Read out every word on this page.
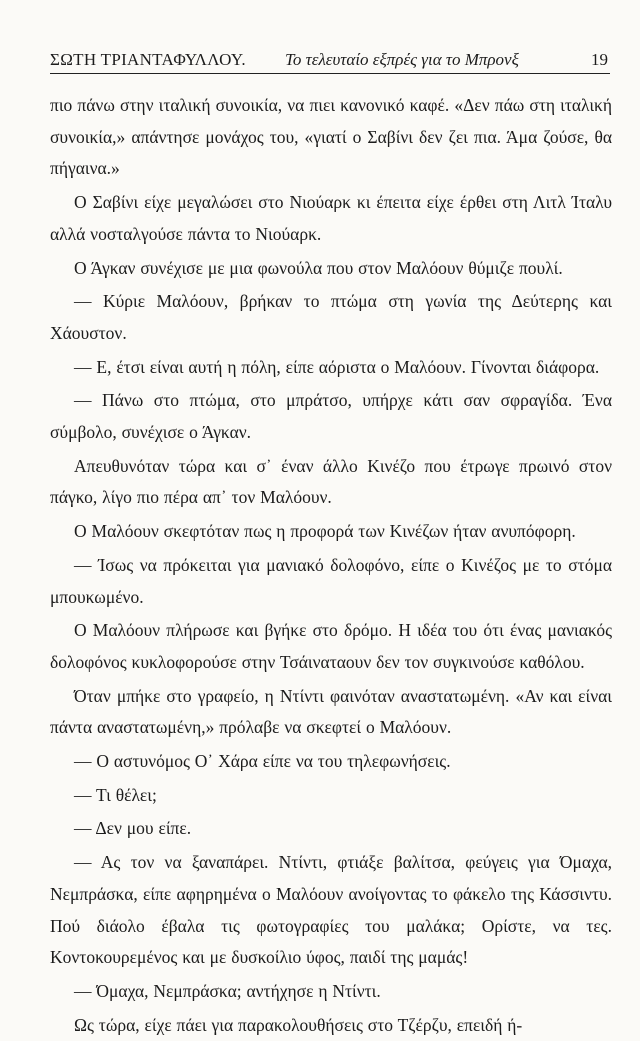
ΣΩΤΗ ΤΡΙΑΝΤΑΦΥΛΛΟΥ. Το τελευταίο εξπρές για το Μπρονξ	19

πιο πάνω στην ιταλική συνοικία, να πιει κανονικό καφέ. «Δεν πάω στη ιταλική συνοικία,» απάντησε μονάχος του, «γιατί ο Σαβίνι δεν ζει πια. Άμα ζούσε, θα πήγαινα.»

Ο Σαβίνι είχε μεγαλώσει στο Νιούαρκ κι έπειτα είχε έρθει στη Λιτλ Ίταλυ αλλά νοσταλγούσε πάντα το Νιούαρκ.

Ο Άγκαν συνέχισε με μια φωνούλα που στον Μαλόουν θύμιζε πουλί.

— Κύριε Μαλόουν, βρήκαν το πτώμα στη γωνία της Δεύτερης και Χάουστον.

— Ε, έτσι είναι αυτή η πόλη, είπε αόριστα ο Μαλόουν. Γίνονται διάφορα.

— Πάνω στο πτώμα, στο μπράτσο, υπήρχε κάτι σαν σφραγίδα. Ένα σύμβολο, συνέχισε ο Άγκαν.

Απευθυνόταν τώρα και σ᾽ έναν άλλο Κινέζο που έτρωγε πρωινό στον πάγκο, λίγο πιο πέρα απ᾽ τον Μαλόουν.

Ο Μαλόουν σκεφτόταν πως η προφορά των Κινέζων ήταν ανυπόφορη.

— Ίσως να πρόκειται για μανιακό δολοφόνο, είπε ο Κινέζος με το στόμα μπουκωμένο.

Ο Μαλόουν πλήρωσε και βγήκε στο δρόμο. Η ιδέα του ότι ένας μανιακός δολοφόνος κυκλοφορούσε στην Τσάιναταουν δεν τον συγκινούσε καθόλου.

Όταν μπήκε στο γραφείο, η Ντίντι φαινόταν αναστατωμένη. «Αν και είναι πάντα αναστατωμένη,» πρόλαβε να σκεφτεί ο Μαλόουν.

— Ο αστυνόμος Ο᾽ Χάρα είπε να του τηλεφωνήσεις.

— Τι θέλει;

— Δεν μου είπε.

— Ας τον να ξαναπάρει. Ντίντι, φτιάξε βαλίτσα, φεύγεις για Όμαχα, Νεμπράσκα, είπε αφηρημένα ο Μαλόουν ανοίγοντας το φάκελο της Κάσσιντυ. Πού διάολο έβαλα τις φωτογραφίες του μαλάκα; Ορίστε, να τες. Κοντοκουρεμένος και με δυσκοίλιο ύφος, παιδί της μαμάς!

— Όμαχα, Νεμπράσκα; αντήχησε η Ντίντι.

Ως τώρα, είχε πάει για παρακολουθήσεις στο Τζέρζυ, επειδή ή-
